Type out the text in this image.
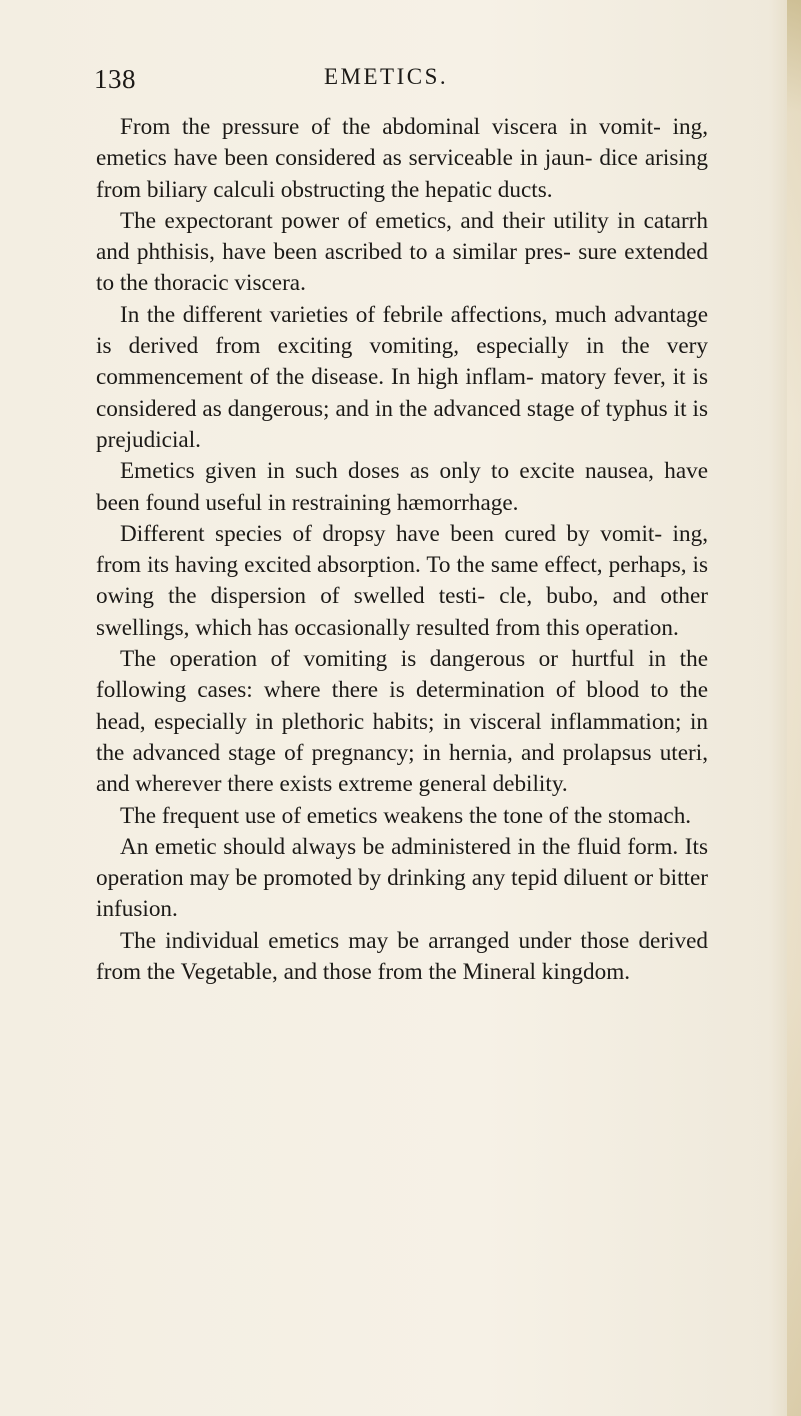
138	EMETICS.

From the pressure of the abdominal viscera in vomit- ing, emetics have been considered as serviceable in jaun- dice arising from biliary calculi obstructing the hepatic ducts.

The expectorant power of emetics, and their utility in catarrh and phthisis, have been ascribed to a similar pres- sure extended to the thoracic viscera.

In the different varieties of febrile affections, much advantage is derived from exciting vomiting, especially in the very commencement of the disease. In high inflam- matory fever, it is considered as dangerous; and in the advanced stage of typhus it is prejudicial.

Emetics given in such doses as only to excite nausea, have been found useful in restraining hæmorrhage.

Different species of dropsy have been cured by vomit- ing, from its having excited absorption. To the same effect, perhaps, is owing the dispersion of swelled testi- cle, bubo, and other swellings, which has occasionally resulted from this operation.

The operation of vomiting is dangerous or hurtful in the following cases: where there is determination of blood to the head, especially in plethoric habits; in visceral inflammation; in the advanced stage of pregnancy; in hernia, and prolapsus uteri, and wherever there exists extreme general debility.

The frequent use of emetics weakens the tone of the stomach.

An emetic should always be administered in the fluid form. Its operation may be promoted by drinking any tepid diluent or bitter infusion.

The individual emetics may be arranged under those derived from the Vegetable, and those from the Mineral kingdom.
